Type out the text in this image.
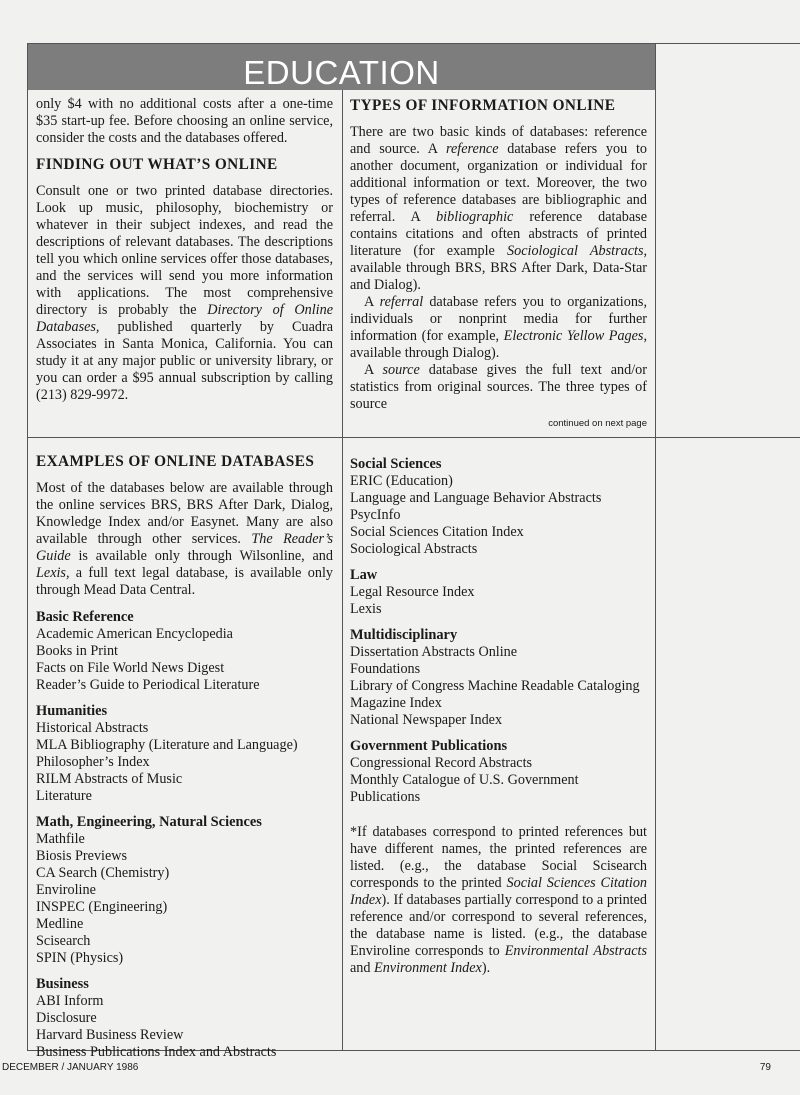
EDUCATION

only $4 with no additional costs after a one-time $35 start-up fee. Before choosing an online service, consider the costs and the databases offered.

FINDING OUT WHAT’S ONLINE

Consult one or two printed database directories. Look up music, philosophy, biochemistry or whatever in their subject indexes, and read the descriptions of relevant databases. The descriptions tell you which online services offer those databases, and the services will send you more information with applications. The most comprehensive directory is probably the Directory of Online Databases, published quarterly by Cuadra Associates in Santa Monica, California. You can study it at any major public or university library, or you can order a $95 annual subscription by calling (213) 829-9972.

TYPES OF INFORMATION ONLINE

There are two basic kinds of databases: reference and source. A reference database refers you to another document, organization or individual for additional information or text. Moreover, the two types of reference databases are bibliographic and referral. A bibliographic reference database contains citations and often abstracts of printed literature (for example Sociological Abstracts, available through BRS, BRS After Dark, Data-Star and Dialog).

A referral database refers you to organizations, individuals or nonprint media for further information (for example, Electronic Yellow Pages, available through Dialog).

A source database gives the full text and/or statistics from original sources. The three types of source

continued on next page
EXAMPLES OF ONLINE DATABASES

Most of the databases below are available through the online services BRS, BRS After Dark, Dialog, Knowledge Index and/or Easynet. Many are also available through other services. The Reader’s Guide is available only through Wilsonline, and Lexis, a full text legal database, is available only through Mead Data Central.

Basic Reference
Academic American Encyclopedia
Books in Print
Facts on File World News Digest
Reader’s Guide to Periodical Literature
Humanities
Historical Abstracts
MLA Bibliography (Literature and Language)
Philosopher’s Index
RILM Abstracts of Music
Literature
Math, Engineering, Natural Sciences
Mathfile
Biosis Previews
CA Search (Chemistry)
Enviroline
INSPEC (Engineering)
Medline
Scisearch
SPIN (Physics)
Business
ABI Inform
Disclosure
Harvard Business Review
Business Publications Index and Abstracts
Social Sciences
ERIC (Education)
Language and Language Behavior Abstracts
PsycInfo
Social Sciences Citation Index
Sociological Abstracts
Law
Legal Resource Index
Lexis
Multidisciplinary
Dissertation Abstracts Online
Foundations
Library of Congress Machine Readable Cataloging
Magazine Index
National Newspaper Index
Government Publications
Congressional Record Abstracts
Monthly Catalogue of U.S. Government Publications

*If databases correspond to printed references but have different names, the printed references are listed. (e.g., the database Social Scisearch corresponds to the printed Social Sciences Citation Index). If databases partially correspond to a printed reference and/or correspond to several references, the database name is listed. (e.g., the database Enviroline corresponds to Environmental Abstracts and Environment Index).

DECEMBER / JANUARY 1986	79
